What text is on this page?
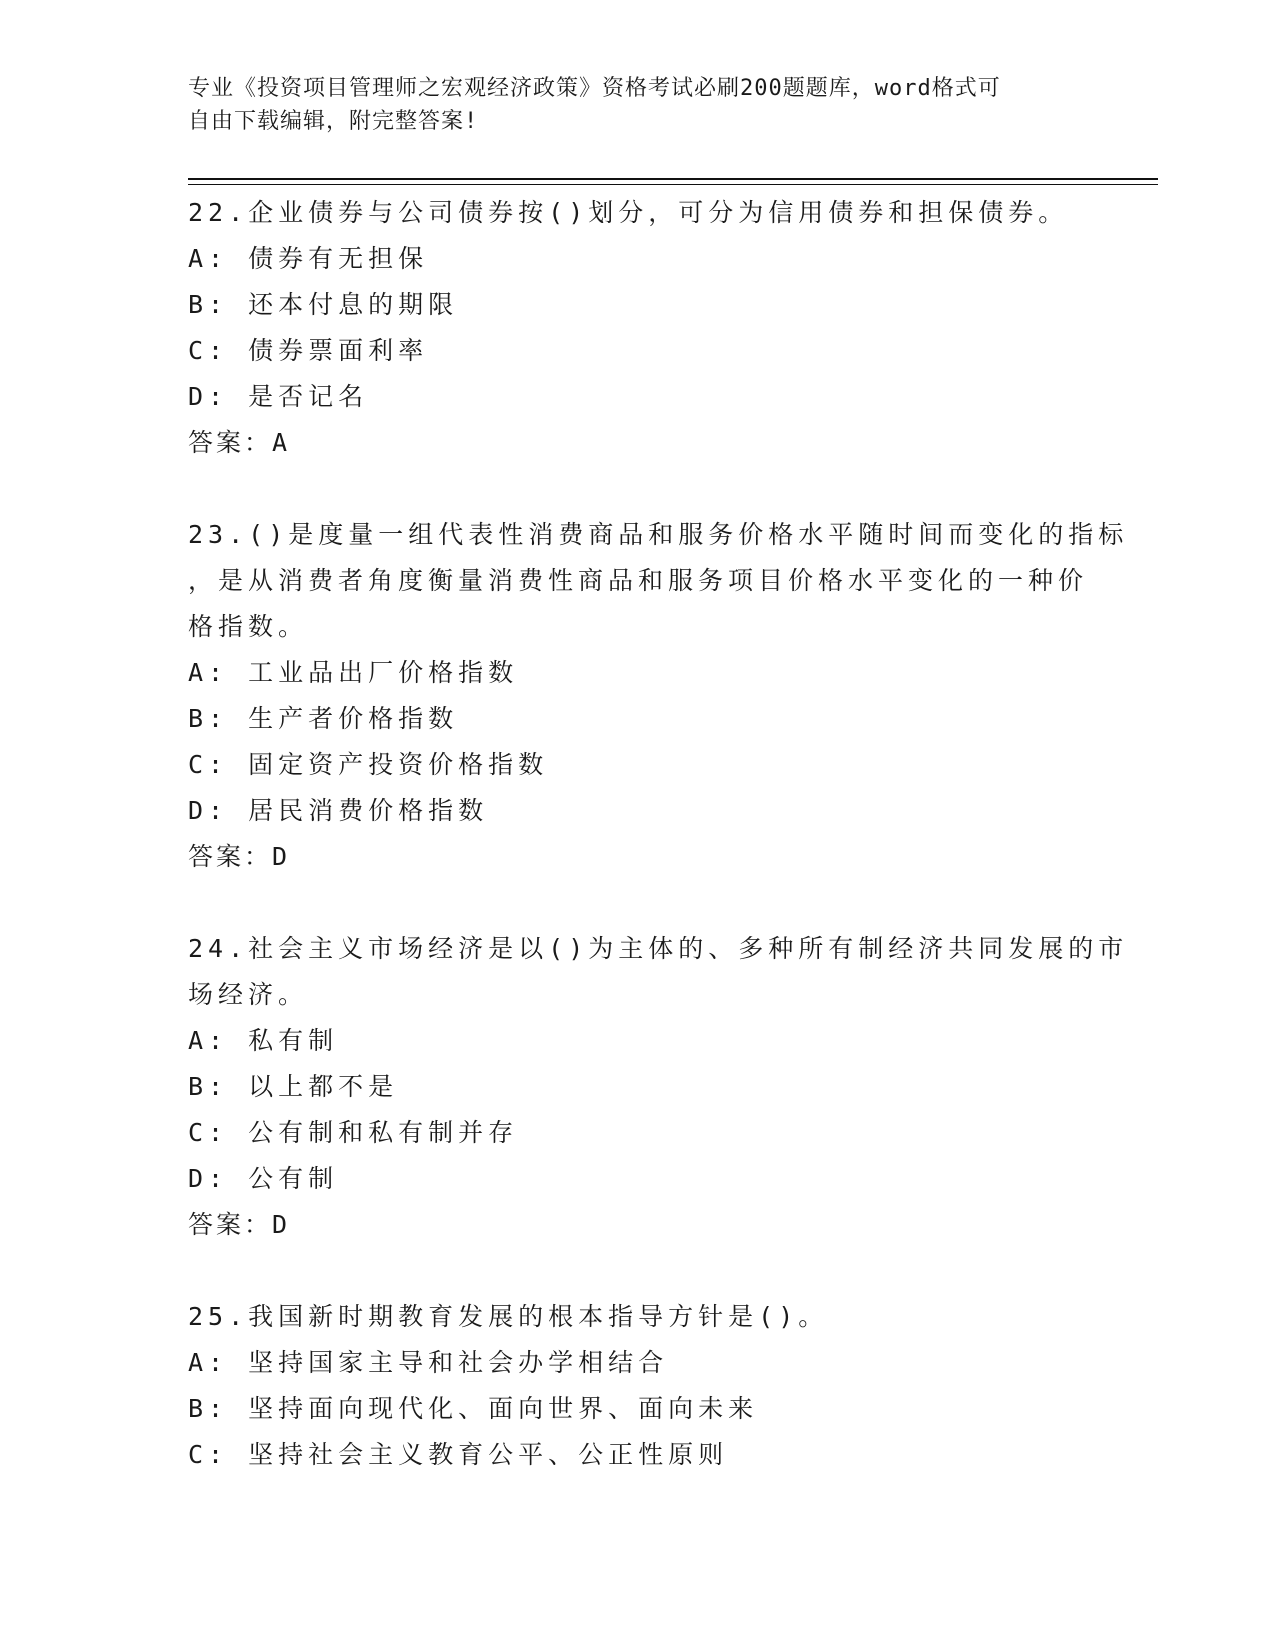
专业《投资项目管理师之宏观经济政策》资格考试必刷200题题库，word格式可
自由下载编辑，附完整答案!
22.企业债券与公司债券按()划分，可分为信用债券和担保债券。
A: 债券有无担保
B: 还本付息的期限
C: 债券票面利率
D: 是否记名
答案：A
23.()是度量一组代表性消费商品和服务价格水平随时间而变化的指标
，是从消费者角度衡量消费性商品和服务项目价格水平变化的一种价
格指数。
A: 工业品出厂价格指数
B: 生产者价格指数
C: 固定资产投资价格指数
D: 居民消费价格指数
答案：D
24.社会主义市场经济是以()为主体的、多种所有制经济共同发展的市
场经济。
A: 私有制
B: 以上都不是
C: 公有制和私有制并存
D: 公有制
答案：D
25.我国新时期教育发展的根本指导方针是()。
A: 坚持国家主导和社会办学相结合
B: 坚持面向现代化、面向世界、面向未来
C: 坚持社会主义教育公平、公正性原则
